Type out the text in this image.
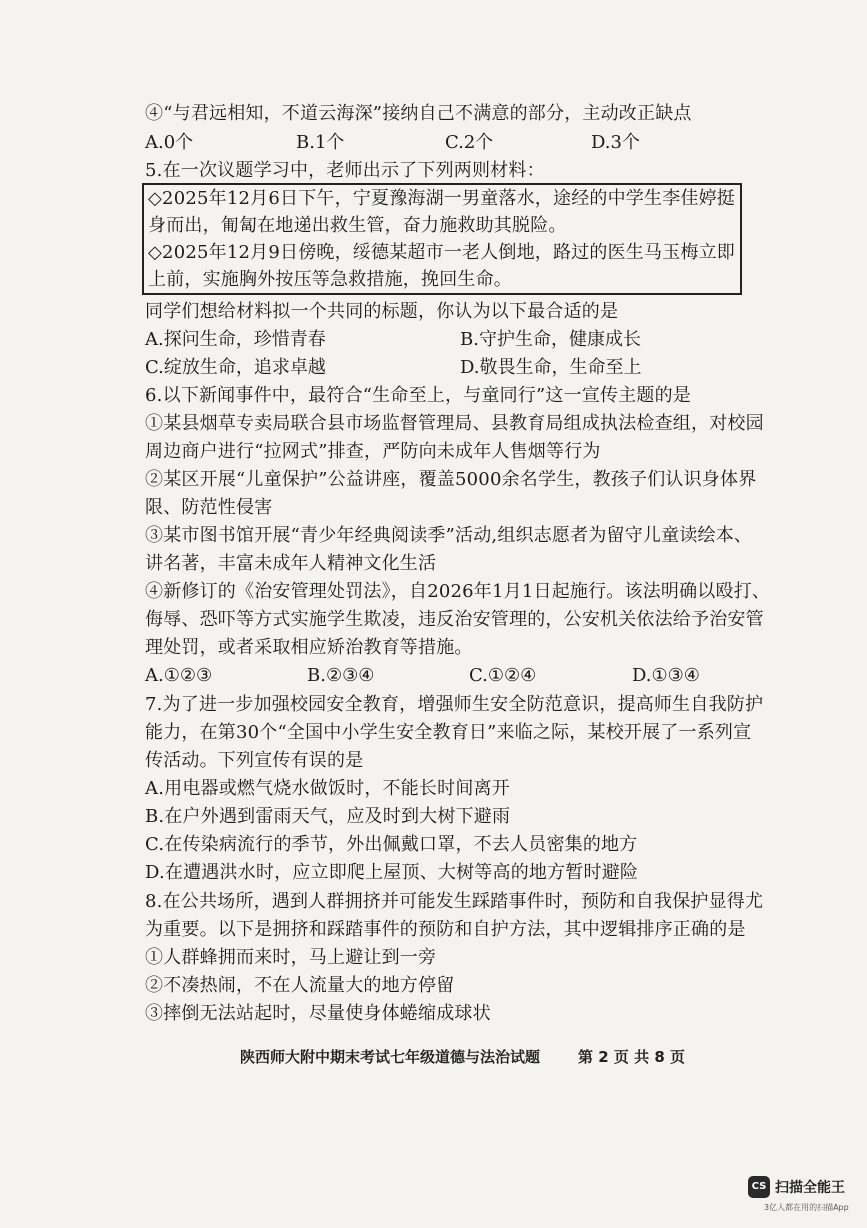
④“与君远相知，不道云海深”接纳自己不满意的部分，主动改正缺点
A.0个	B.1个	C.2个	D.3个
5.在一次议题学习中，老师出示了下列两则材料：
◇2025年12月6日下午，宁夏豫海湖一男童落水，途经的中学生李佳婷挺
身而出，匍匐在地递出救生管，奋力施救助其脱险。
◇2025年12月9日傍晚，绥德某超市一老人倒地，路过的医生马玉梅立即
上前，实施胸外按压等急救措施，挽回生命。
同学们想给材料拟一个共同的标题，你认为以下最合适的是
A.探问生命，珍惜青春	B.守护生命，健康成长
C.绽放生命，追求卓越	D.敬畏生命，生命至上
6.以下新闻事件中，最符合“生命至上，与童同行”这一宣传主题的是
①某县烟草专卖局联合县市场监督管理局、县教育局组成执法检查组，对校园
周边商户进行“拉网式”排查，严防向未成年人售烟等行为
②某区开展“儿童保护”公益讲座，覆盖5000余名学生，教孩子们认识身体界
限、防范性侵害
③某市图书馆开展“青少年经典阅读季”活动,组织志愿者为留守儿童读绘本、
讲名著，丰富未成年人精神文化生活
④新修订的《治安管理处罚法》，自2026年1月1日起施行。该法明确以殴打、
侮辱、恐吓等方式实施学生欺凌，违反治安管理的，公安机关依法给予治安管
理处罚，或者采取相应矫治教育等措施。
A.①②③	B.②③④	C.①②④	D.①③④
7.为了进一步加强校园安全教育，增强师生安全防范意识，提高师生自我防护
能力，在第30个“全国中小学生安全教育日”来临之际，某校开展了一系列宣
传活动。下列宣传有误的是
A.用电器或燃气烧水做饭时，不能长时间离开
B.在户外遇到雷雨天气，应及时到大树下避雨
C.在传染病流行的季节，外出佩戴口罩，不去人员密集的地方
D.在遭遇洪水时，应立即爬上屋顶、大树等高的地方暂时避险
8.在公共场所，遇到人群拥挤并可能发生踩踏事件时，预防和自我保护显得尤
为重要。以下是拥挤和踩踏事件的预防和自护方法，其中逻辑排序正确的是
①人群蜂拥而来时，马上避让到一旁
②不凑热闹，不在人流量大的地方停留
③摔倒无法站起时，尽量使身体蜷缩成球状
陕西师大附中期末考试七年级道德与法治试题	第 2 页 共 8 页
CS 扫描全能王
3亿人都在用的扫描App
